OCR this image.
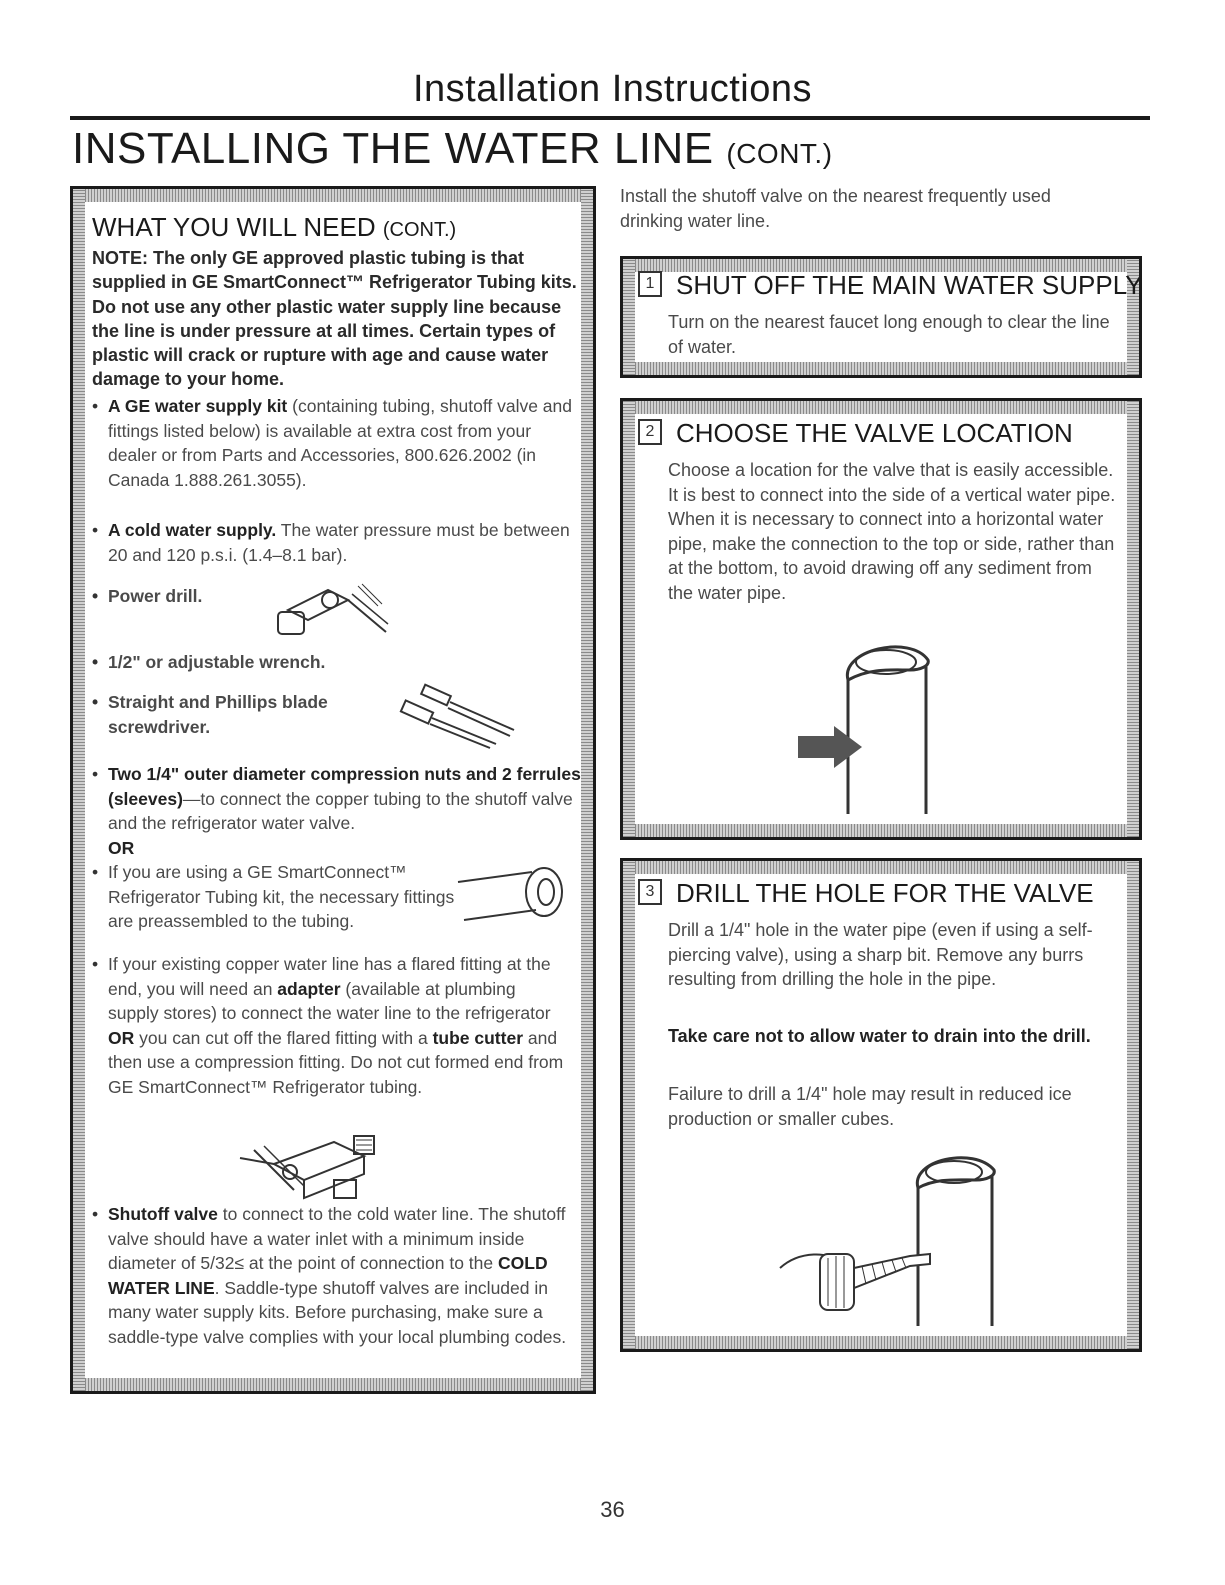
Installation Instructions
INSTALLING THE WATER LINE (CONT.)
WHAT YOU WILL NEED (CONT.)
NOTE: The only GE approved plastic tubing is that supplied in GE SmartConnect™ Refrigerator Tubing kits. Do not use any other plastic water supply line because the line is under pressure at all times. Certain types of plastic will crack or rupture with age and cause water damage to your home.
• A GE water supply kit (containing tubing, shutoff valve and fittings listed below) is available at extra cost from your dealer or from Parts and Accessories, 800.626.2002 (in Canada 1.888.261.3055).
• A cold water supply. The water pressure must be between 20 and 120 p.s.i. (1.4–8.1 bar).
• Power drill.
• 1/2" or adjustable wrench.
• Straight and Phillips blade screwdriver.
• Two 1/4" outer diameter compression nuts and 2 ferrules (sleeves)—to connect the copper tubing to the shutoff valve and the refrigerator water valve.
OR
• If you are using a GE SmartConnect™ Refrigerator Tubing kit, the necessary fittings are preassembled to the tubing.
• If your existing copper water line has a flared fitting at the end, you will need an adapter (available at plumbing supply stores) to connect the water line to the refrigerator OR you can cut off the flared fitting with a tube cutter and then use a compression fitting. Do not cut formed end from GE SmartConnect™ Refrigerator tubing.
• Shutoff valve to connect to the cold water line. The shutoff valve should have a water inlet with a minimum inside diameter of 5/32≤ at the point of connection to the COLD WATER LINE. Saddle-type shutoff valves are included in many water supply kits. Before purchasing, make sure a saddle-type valve complies with your local plumbing codes.
Install the shutoff valve on the nearest frequently used drinking water line.
1 SHUT OFF THE MAIN WATER SUPPLY
Turn on the nearest faucet long enough to clear the line of water.
2 CHOOSE THE VALVE LOCATION
Choose a location for the valve that is easily accessible. It is best to connect into the side of a vertical water pipe. When it is necessary to connect into a horizontal water pipe, make the connection to the top or side, rather than at the bottom, to avoid drawing off any sediment from the water pipe.
3 DRILL THE HOLE FOR THE VALVE
Drill a 1/4" hole in the water pipe (even if using a self-piercing valve), using a sharp bit. Remove any burrs resulting from drilling the hole in the pipe.
Take care not to allow water to drain into the drill.
Failure to drill a 1/4" hole may result in reduced ice production or smaller cubes.
36
